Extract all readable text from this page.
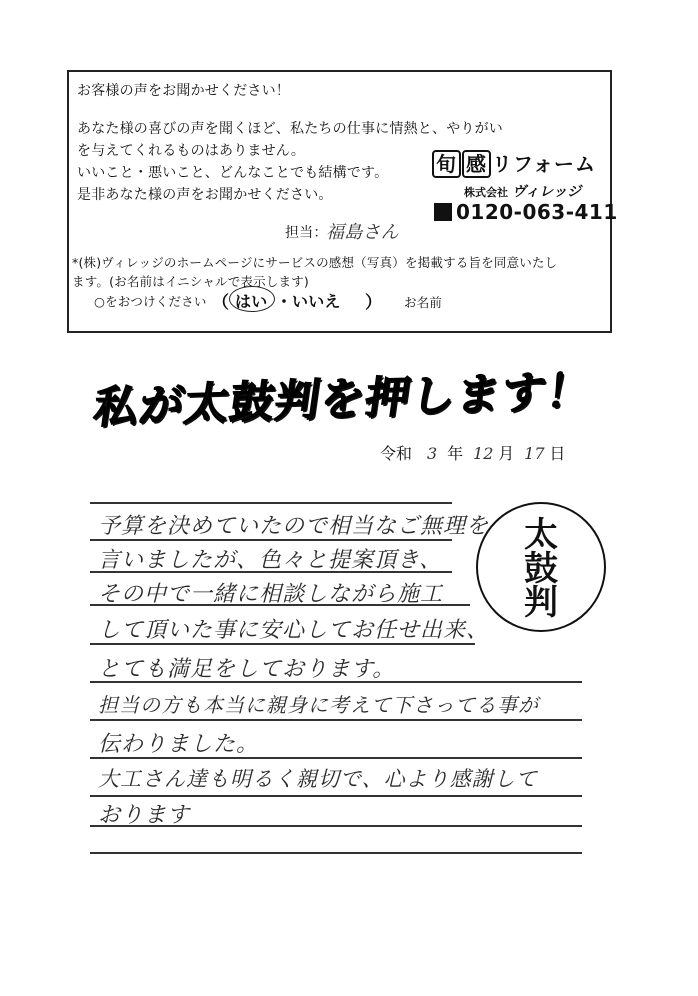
お客様の声をお聞かせください！
あなた様の喜びの声を聞くほど、私たちの仕事に情熱と、やりがい
を与えてくれるものはありません。
いいこと・悪いこと、どんなことでも結構です。
是非あなた様の声をお聞かせください。
旬 感 リフォーム
株式会社 ヴィレッジ
0120-063-411
担当：
福島さん
*(株)ヴィレッジのホームページにサービスの感想（写真）を掲載する旨を同意いたし
ます。(お名前はイニシャルで表示します)
○をおつけください （ はい ・ いいえ ） お名前
私が太鼓判を押します！
令和 3 年 12 月 17 日
太
鼓
判
予算を決めていたので相当なご無理を
言いましたが、色々と提案頂き、
その中で一緒に相談しながら施工
して頂いた事に安心してお任せ出来、
とても満足をしております。
担当の方も本当に親身に考えて下さってる事が
伝わりました。
大工さん達も明るく親切で、心より感謝して
おります
